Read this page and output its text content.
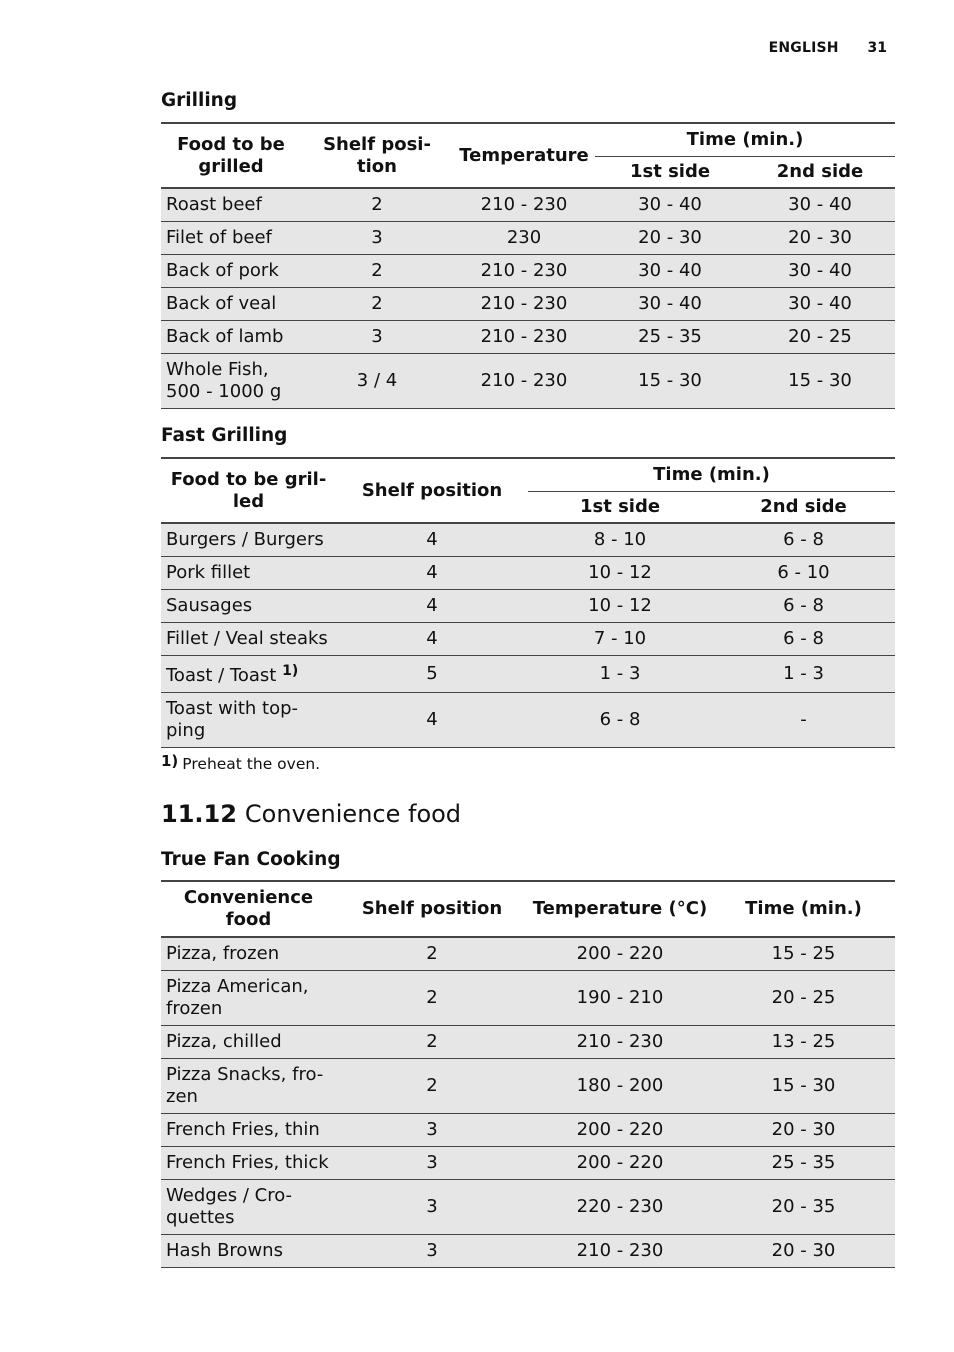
ENGLISH 31
Grilling
Food to be grilled	Shelf posi-tion	Temperature	Time (min.)	
			1st side	2nd side
Roast beef	2	210 - 230	30 - 40	30 - 40
Filet of beef	3	230	20 - 30	20 - 30
Back of pork	2	210 - 230	30 - 40	30 - 40
Back of veal	2	210 - 230	30 - 40	30 - 40
Back of lamb	3	210 - 230	25 - 35	20 - 25
Whole Fish, 500 - 1000 g	3 / 4	210 - 230	15 - 30	15 - 30
Fast Grilling
Food to be gril-led	Shelf position	Time (min.)	
		1st side	2nd side
Burgers / Burgers	4	8 - 10	6 - 8
Pork fillet	4	10 - 12	6 - 10
Sausages	4	10 - 12	6 - 8
Fillet / Veal steaks	4	7 - 10	6 - 8
Toast / Toast $^{1)}$	5	1 - 3	1 - 3
Toast with top-ping	4	6 - 8	-
1) Preheat the oven.
11.12 Convenience food
True Fan Cooking
Convenience food	Shelf position	Temperature (°C)	Time (min.)
Pizza, frozen	2	200 - 220	15 - 25
Pizza American, frozen	2	190 - 210	20 - 25
Pizza, chilled	2	210 - 230	13 - 25
Pizza Snacks, fro-zen	2	180 - 200	15 - 30
French Fries, thin	3	200 - 220	20 - 30
French Fries, thick	3	200 - 220	25 - 35
Wedges / Cro-quettes	3	220 - 230	20 - 35
Hash Browns	3	210 - 230	20 - 30
